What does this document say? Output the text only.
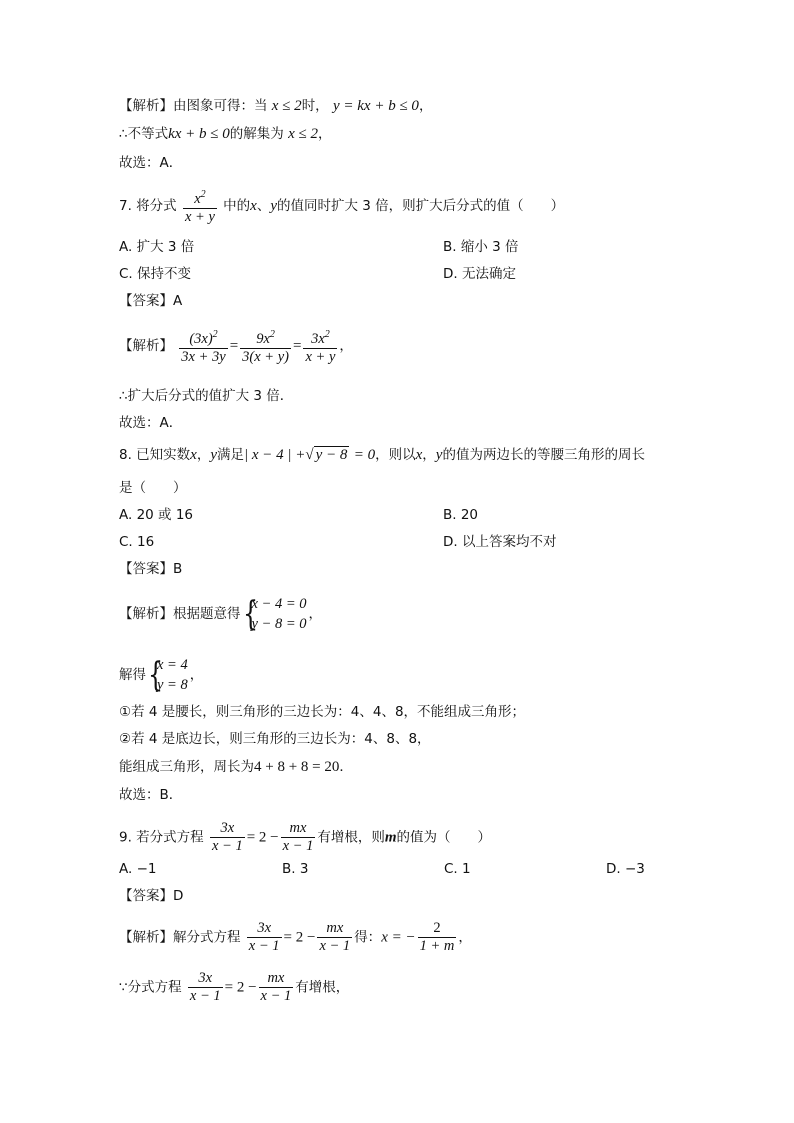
【解析】由图象可得：当 x ≤ 2时， y = kx + b ≤ 0，
∴不等式kx + b ≤ 0的解集为 x ≤ 2，
故选：A．
7. 将分式 $\frac{x^2}{x + y}$ 中的x、y的值同时扩大 3 倍，则扩大后分式的值（　　）
A. 扩大 3 倍	B. 缩小 3 倍
C. 保持不变	D. 无法确定
【答案】A
【解析】 $\frac{(3x)^2}{3x + 3y} = \frac{9x^2}{3(x + y)} = \frac{3x^2}{x + y}$ ，
∴扩大后分式的值扩大 3 倍．
故选：A．
8. 已知实数x，y满足| x − 4 | +√ y − 8 = 0，则以x，y的值为两边长的等腰三角形的周长
是（　　）
A. 20 或 16	B. 20
C. 16	D. 以上答案均不对
【答案】B
【解析】根据题意得 {
x − 4 = 0
y − 8 = 0
，
解得 {
x = 4
y = 8
，
①若 4 是腰长，则三角形的三边长为：4、4、8，不能组成三角形；
②若 4 是底边长，则三角形的三边长为：4、8、8，
能组成三角形，周长为4 + 8 + 8 = 20．
故选：B．
9. 若分式方程 $\frac{3x}{x - 1} = 2 - \frac{mx}{x - 1}$ 有增根，则m的值为（　　）
A. −1	B. 3	C. 1	D. −3
【答案】D
【解析】解分式方程 $\frac{3x}{x - 1} = 2 - \frac{mx}{x - 1}$ 得：x = − $\frac{2}{1 + m}$ ，
∵分式方程 $\frac{3x}{x - 1} = 2 - \frac{mx}{x - 1}$ 有增根，
